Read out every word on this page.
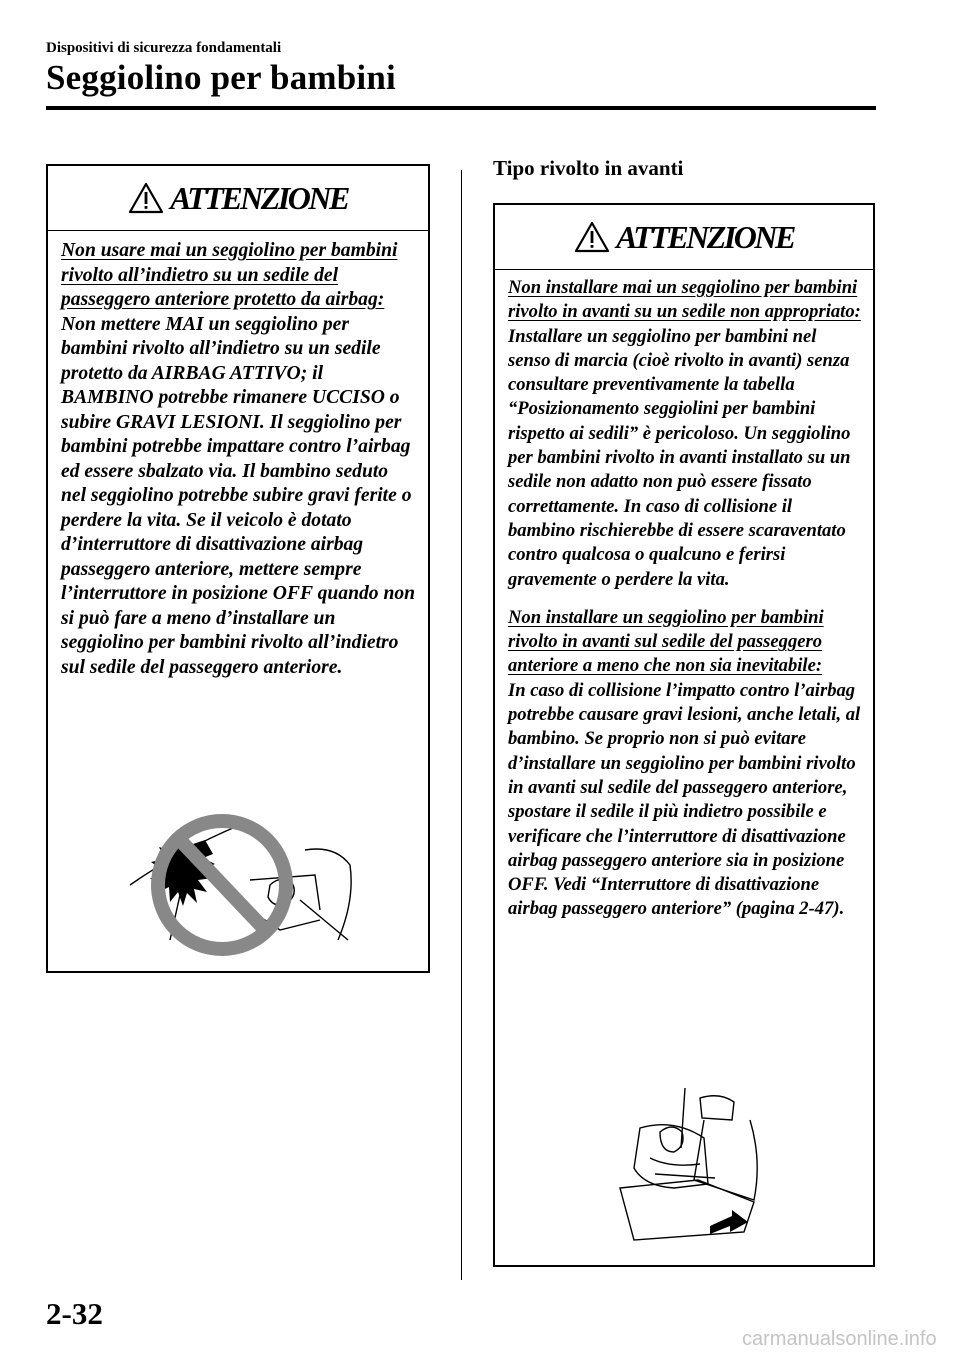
Dispositivi di sicurezza fondamentali
Seggiolino per bambini
ATTENZIONE

Non usare mai un seggiolino per bambini rivolto all’indietro su un sedile del passeggero anteriore protetto da airbag:

Non mettere MAI un seggiolino per bambini rivolto all’indietro su un sedile protetto da AIRBAG ATTIVO; il BAMBINO potrebbe rimanere UCCISO o subire GRAVI LESIONI. Il seggiolino per bambini potrebbe impattare contro l’airbag ed essere sbalzato via. Il bambino seduto nel seggiolino potrebbe subire gravi ferite o perdere la vita. Se il veicolo è dotato d’interruttore di disattivazione airbag passeggero anteriore, mettere sempre l’interruttore in posizione OFF quando non si può fare a meno d’installare un seggiolino per bambini rivolto all’indietro sul sedile del passeggero anteriore.

Tipo rivolto in avanti
ATTENZIONE

Non installare mai un seggiolino per bambini rivolto in avanti su un sedile non appropriato:

Installare un seggiolino per bambini nel senso di marcia (cioè rivolto in avanti) senza consultare preventivamente la tabella “Posizionamento seggiolini per bambini rispetto ai sedili” è pericoloso. Un seggiolino per bambini rivolto in avanti installato su un sedile non adatto non può essere fissato correttamente. In caso di collisione il bambino rischierebbe di essere scaraventato contro qualcosa o qualcuno e ferirsi gravemente o perdere la vita.

Non installare un seggiolino per bambini rivolto in avanti sul sedile del passeggero anteriore a meno che non sia inevitabile:

In caso di collisione l’impatto contro l’airbag potrebbe causare gravi lesioni, anche letali, al bambino. Se proprio non si può evitare d’installare un seggiolino per bambini rivolto in avanti sul sedile del passeggero anteriore, spostare il sedile il più indietro possibile e verificare che l’interruttore di disattivazione airbag passeggero anteriore sia in posizione OFF. Vedi “Interruttore di disattivazione airbag passeggero anteriore” (pagina 2-47).

2-32
carmanualsonline.info
